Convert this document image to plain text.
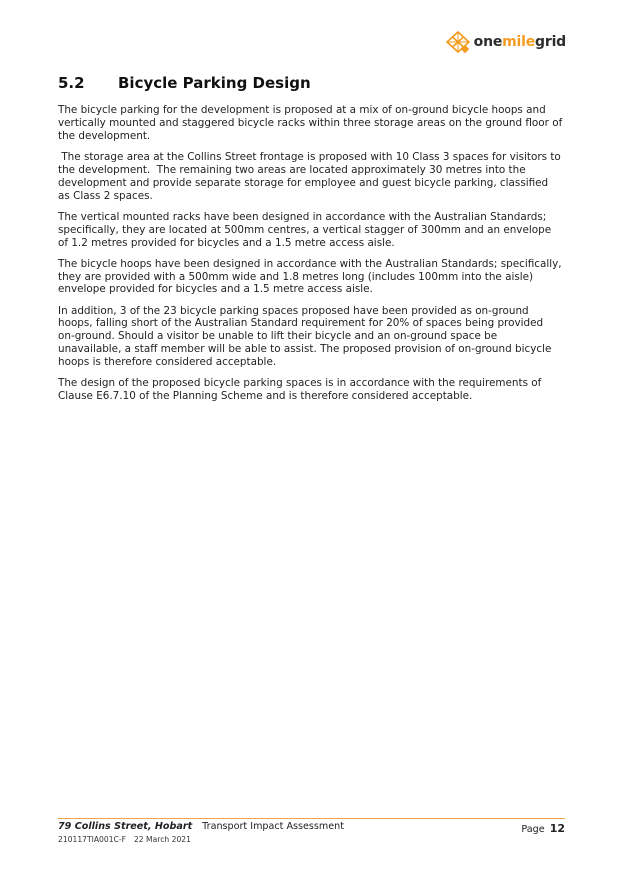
onemilegrid
5.2 Bicycle Parking Design

The bicycle parking for the development is proposed at a mix of on-ground bicycle hoops and vertically mounted and staggered bicycle racks within three storage areas on the ground floor of the development.

The storage area at the Collins Street frontage is proposed with 10 Class 3 spaces for visitors to the development.  The remaining two areas are located approximately 30 metres into the development and provide separate storage for employee and guest bicycle parking, classified as Class 2 spaces.

The vertical mounted racks have been designed in accordance with the Australian Standards; specifically, they are located at 500mm centres, a vertical stagger of 300mm and an envelope of 1.2 metres provided for bicycles and a 1.5 metre access aisle.

The bicycle hoops have been designed in accordance with the Australian Standards; specifically, they are provided with a 500mm wide and 1.8 metres long (includes 100mm into the aisle) envelope provided for bicycles and a 1.5 metre access aisle.

In addition, 3 of the 23 bicycle parking spaces proposed have been provided as on-ground hoops, falling short of the Australian Standard requirement for 20% of spaces being provided on-ground. Should a visitor be unable to lift their bicycle and an on-ground space be unavailable, a staff member will be able to assist. The proposed provision of on-ground bicycle hoops is therefore considered acceptable.

The design of the proposed bicycle parking spaces is in accordance with the requirements of Clause E6.7.10 of the Planning Scheme and is therefore considered acceptable.

79 Collins Street, Hobart Transport Impact Assessment
210117TIA001C-F 22 March 2021
Page 12
